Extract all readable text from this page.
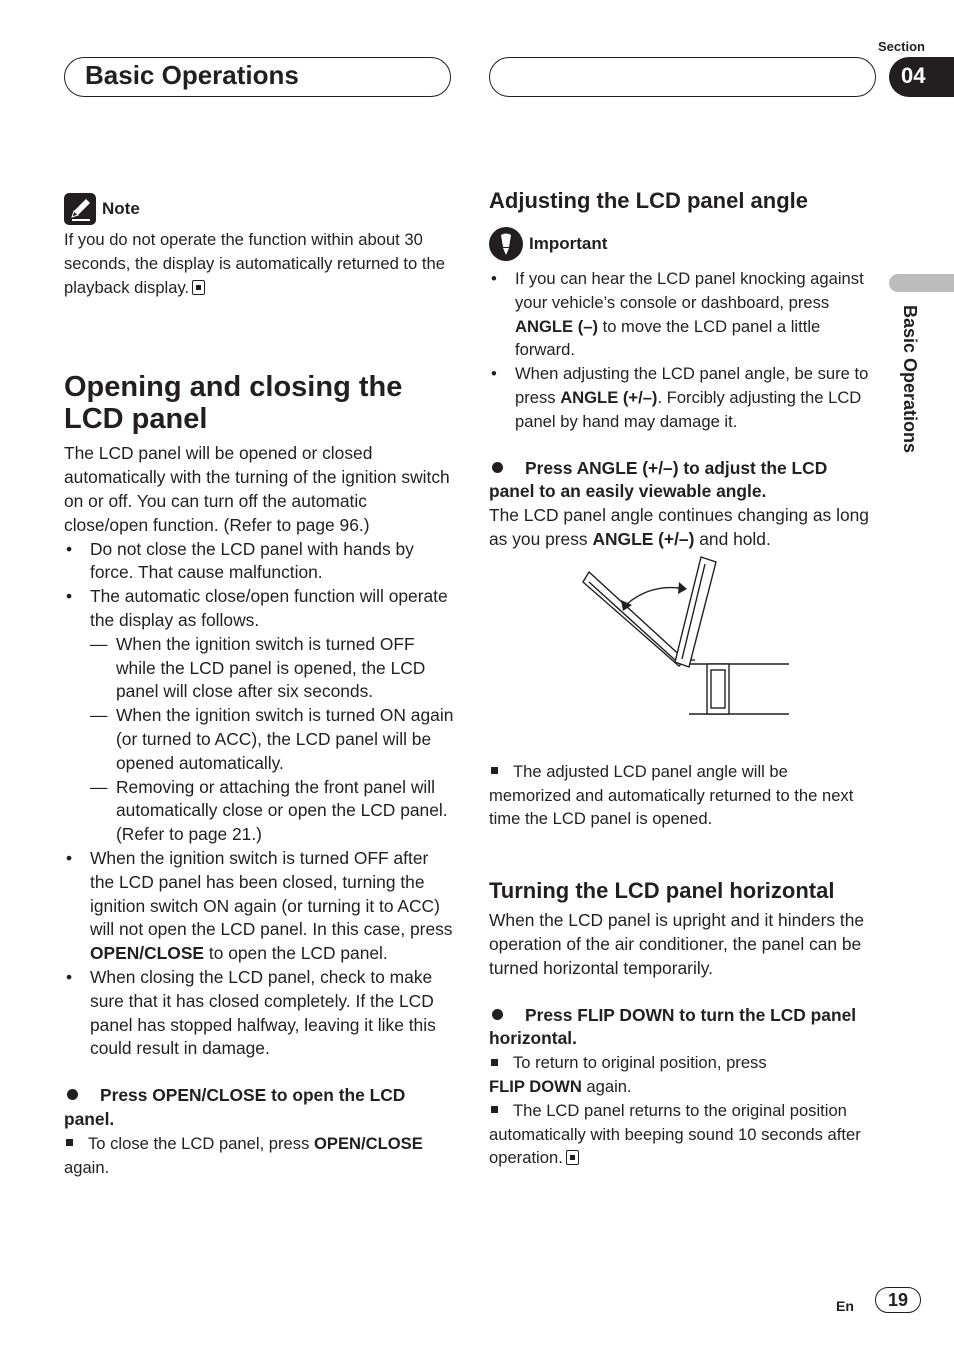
Basic Operations
Section
04
Basic Operations
Note

If you do not operate the function within about 30 seconds, the display is automatically returned to the playback display.

Opening and closing the LCD panel

The LCD panel will be opened or closed automatically with the turning of the ignition switch on or off. You can turn off the automatic close/open function. (Refer to page 96.)

• Do not close the LCD panel with hands by force. That cause malfunction.
• The automatic close/open function will operate the display as follows.
— When the ignition switch is turned OFF while the LCD panel is opened, the LCD panel will close after six seconds.
— When the ignition switch is turned ON again (or turned to ACC), the LCD panel will be opened automatically.
— Removing or attaching the front panel will automatically close or open the LCD panel. (Refer to page 21.)
• When the ignition switch is turned OFF after the LCD panel has been closed, turning the ignition switch ON again (or turning it to ACC) will not open the LCD panel. In this case, press OPEN/CLOSE to open the LCD panel.
• When closing the LCD panel, check to make sure that it has closed completely. If the LCD panel has stopped halfway, leaving it like this could result in damage.

Press OPEN/CLOSE to open the LCD panel.

To close the LCD panel, press OPEN/CLOSE again.

Adjusting the LCD panel angle
Important
• If you can hear the LCD panel knocking against your vehicle’s console or dashboard, press ANGLE (–) to move the LCD panel a little forward.
• When adjusting the LCD panel angle, be sure to press ANGLE (+/–). Forcibly adjusting the LCD panel by hand may damage it.

Press ANGLE (+/–) to adjust the LCD panel to an easily viewable angle.

The LCD panel angle continues changing as long as you press ANGLE (+/–) and hold.

The adjusted LCD panel angle will be memorized and automatically returned to the next time the LCD panel is opened.

Turning the LCD panel horizontal

When the LCD panel is upright and it hinders the operation of the air conditioner, the panel can be turned horizontal temporarily.

Press FLIP DOWN to turn the LCD panel horizontal.

To return to original position, press
FLIP DOWN again.

The LCD panel returns to the original position automatically with beeping sound 10 seconds after operation.

En	19
